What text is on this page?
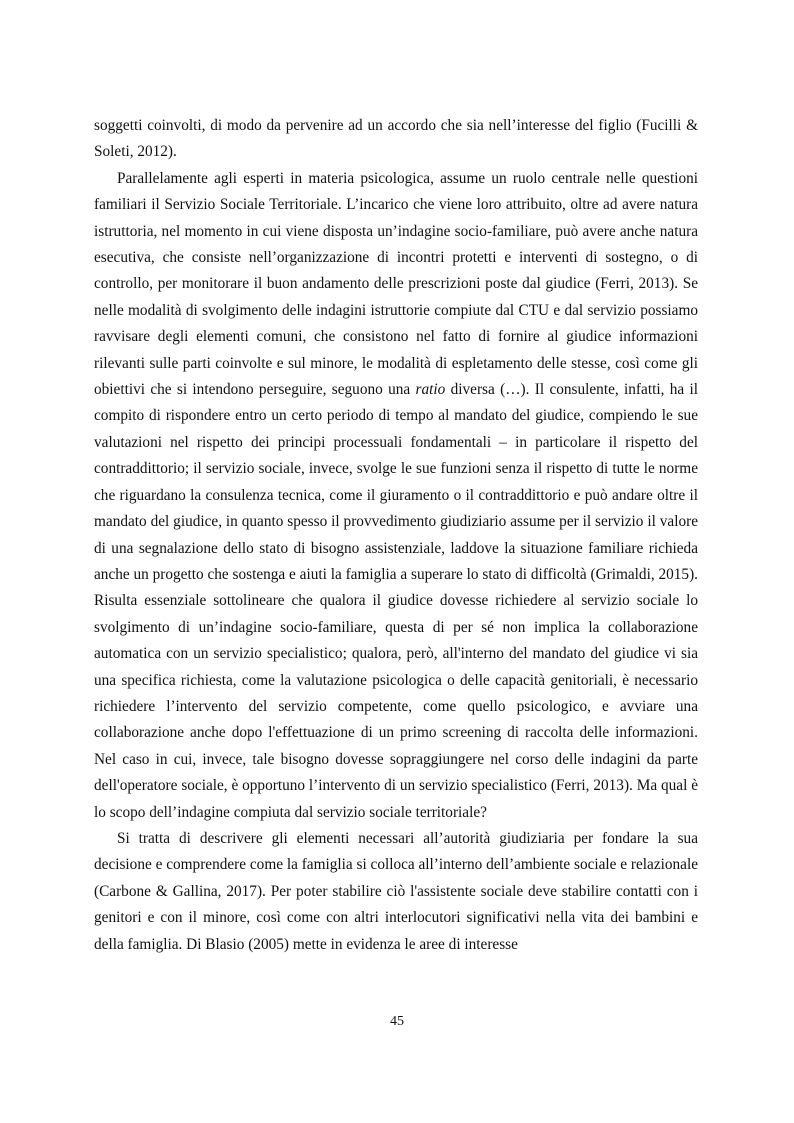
soggetti coinvolti, di modo da pervenire ad un accordo che sia nell’interesse del figlio (Fucilli & Soleti, 2012).

Parallelamente agli esperti in materia psicologica, assume un ruolo centrale nelle questioni familiari il Servizio Sociale Territoriale. L’incarico che viene loro attribuito, oltre ad avere natura istruttoria, nel momento in cui viene disposta un’indagine socio-familiare, può avere anche natura esecutiva, che consiste nell’organizzazione di incontri protetti e interventi di sostegno, o di controllo, per monitorare il buon andamento delle prescrizioni poste dal giudice (Ferri, 2013). Se nelle modalità di svolgimento delle indagini istruttorie compiute dal CTU e dal servizio possiamo ravvisare degli elementi comuni, che consistono nel fatto di fornire al giudice informazioni rilevanti sulle parti coinvolte e sul minore, le modalità di espletamento delle stesse, così come gli obiettivi che si intendono perseguire, seguono una ratio diversa (…). Il consulente, infatti, ha il compito di rispondere entro un certo periodo di tempo al mandato del giudice, compiendo le sue valutazioni nel rispetto dei principi processuali fondamentali – in particolare il rispetto del contraddittorio; il servizio sociale, invece, svolge le sue funzioni senza il rispetto di tutte le norme che riguardano la consulenza tecnica, come il giuramento o il contraddittorio e può andare oltre il mandato del giudice, in quanto spesso il provvedimento giudiziario assume per il servizio il valore di una segnalazione dello stato di bisogno assistenziale, laddove la situazione familiare richieda anche un progetto che sostenga e aiuti la famiglia a superare lo stato di difficoltà (Grimaldi, 2015). Risulta essenziale sottolineare che qualora il giudice dovesse richiedere al servizio sociale lo svolgimento di un’indagine socio-familiare, questa di per sé non implica la collaborazione automatica con un servizio specialistico; qualora, però, all'interno del mandato del giudice vi sia una specifica richiesta, come la valutazione psicologica o delle capacità genitoriali, è necessario richiedere l’intervento del servizio competente, come quello psicologico, e avviare una collaborazione anche dopo l'effettuazione di un primo screening di raccolta delle informazioni. Nel caso in cui, invece, tale bisogno dovesse sopraggiungere nel corso delle indagini da parte dell'operatore sociale, è opportuno l’intervento di un servizio specialistico (Ferri, 2013). Ma qual è lo scopo dell’indagine compiuta dal servizio sociale territoriale?

Si tratta di descrivere gli elementi necessari all’autorità giudiziaria per fondare la sua decisione e comprendere come la famiglia si colloca all’interno dell’ambiente sociale e relazionale (Carbone & Gallina, 2017). Per poter stabilire ciò l'assistente sociale deve stabilire contatti con i genitori e con il minore, così come con altri interlocutori significativi nella vita dei bambini e della famiglia. Di Blasio (2005) mette in evidenza le aree di interesse

45
